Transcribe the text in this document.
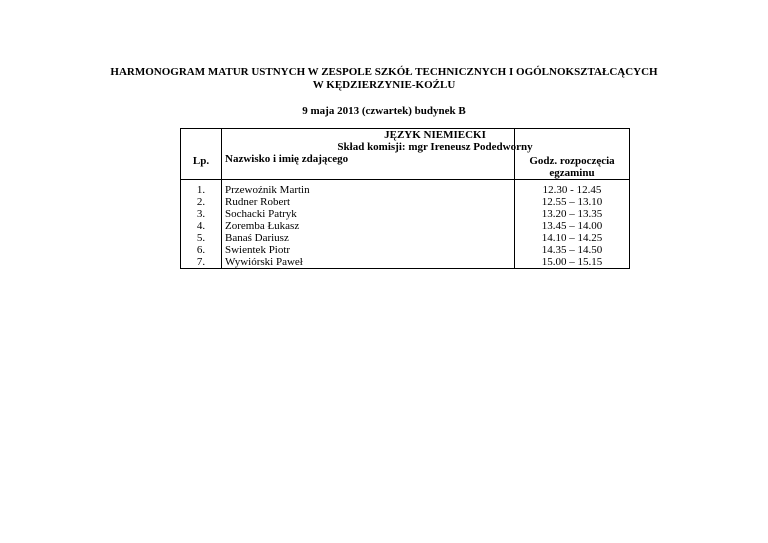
HARMONOGRAM MATUR USTNYCH W ZESPOLE SZKÓŁ TECHNICZNYCH I OGÓLNOKSZTAŁCĄCYCH
W KĘDZIERZYNIE-KOŹLU
9 maja 2013 (czwartek) budynek B
Lp.	JĘZYK NIEMIECKI
Skład komisji: mgr Ireneusz Podedworny
Nazwisko i imię zdającego	Godz. rozpoczęcia egzaminu

1.	Przewoźnik Martin	12.30 - 12.45
2.	Rudner Robert	12.55 – 13.10
3.	Sochacki Patryk	13.20 – 13.35
4.	Zoremba Łukasz	13.45 – 14.00
5.	Banaś Dariusz	14.10 – 14.25
6.	Swientek Piotr	14.35 – 14.50
7.	Wywiórski Paweł	15.00 – 15.15
